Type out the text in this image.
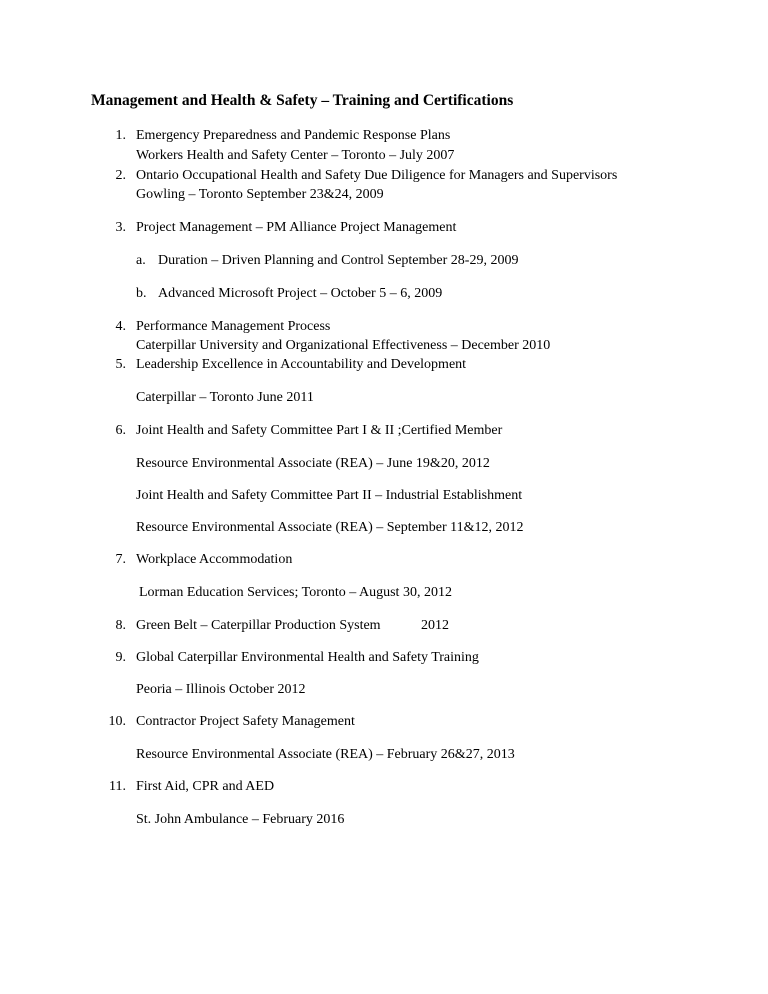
Management and Health & Safety – Training and Certifications
1. Emergency Preparedness and Pandemic Response Plans
Workers Health and Safety Center – Toronto – July 2007
2. Ontario Occupational Health and Safety Due Diligence for Managers and Supervisors
Gowling – Toronto September 23&24, 2009
3. Project Management – PM Alliance Project Management
a. Duration – Driven Planning and Control September 28-29, 2009
b. Advanced Microsoft Project – October 5 – 6, 2009
4. Performance Management Process
Caterpillar University and Organizational Effectiveness – December 2010
5. Leadership Excellence in Accountability and Development
Caterpillar – Toronto June 2011
6. Joint Health and Safety Committee Part I & II ;Certified Member
Resource Environmental Associate (REA) – June 19&20, 2012
Joint Health and Safety Committee Part II – Industrial Establishment
Resource Environmental Associate (REA) – September 11&12, 2012
7. Workplace Accommodation
Lorman Education Services; Toronto – August 30, 2012
8. Green Belt – Caterpillar Production System	2012
9. Global Caterpillar Environmental Health and Safety Training
Peoria – Illinois October 2012
10. Contractor Project Safety Management
Resource Environmental Associate (REA) – February 26&27, 2013
11. First Aid, CPR and AED
St. John Ambulance – February 2016
